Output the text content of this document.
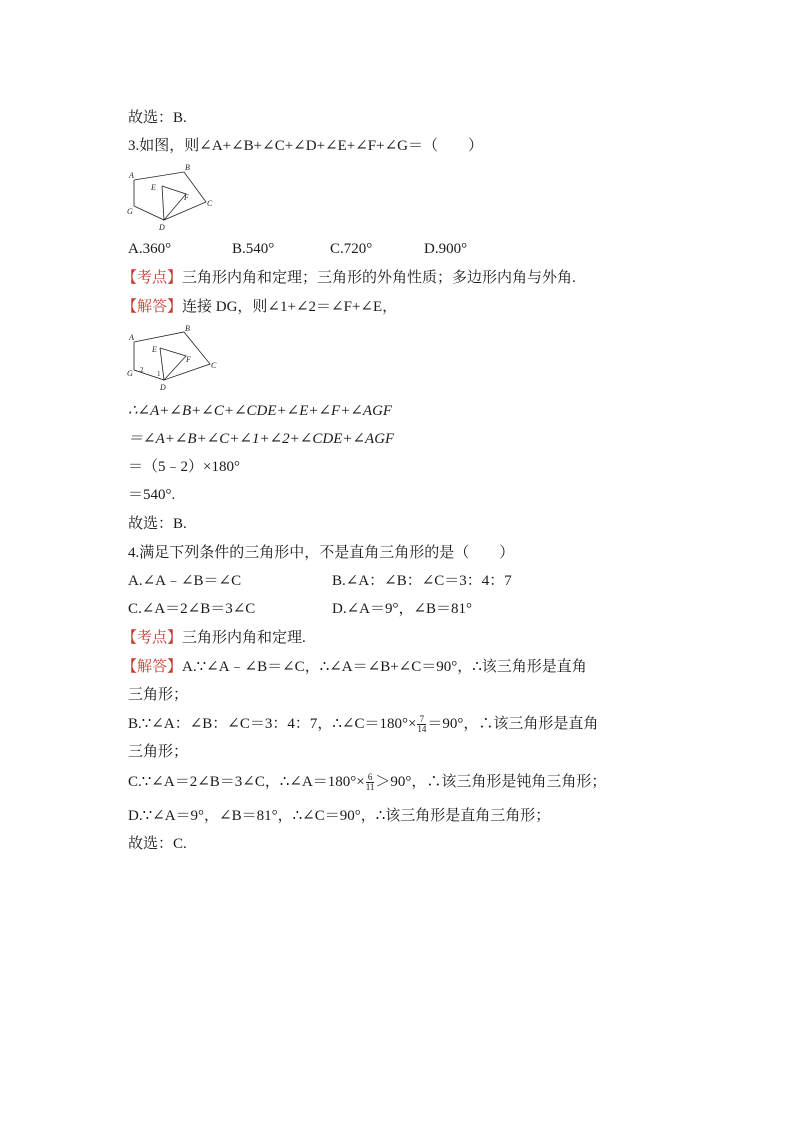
故选：B.
3.如图，则∠A+∠B+∠C+∠D+∠E+∠F+∠G＝（　　）
A
B
C
D
E
F
G
A.360°	B.540°	C.720°	D.900°
【考点】三角形内角和定理；三角形的外角性质；多边形内角与外角.
【解答】连接 DG，则∠1+∠2＝∠F+∠E，
A
B
C
D
E
F
G 2 1
∴∠A+∠B+∠C+∠CDE+∠E+∠F+∠AGF
＝∠A+∠B+∠C+∠1+∠2+∠CDE+∠AGF
＝（5﹣2）×180°
＝540°.
故选：B.
4.满足下列条件的三角形中，不是直角三角形的是（　　）
A.∠A﹣∠B＝∠C	B.∠A：∠B：∠C＝3：4：7
C.∠A＝2∠B＝3∠C	D.∠A＝9°，∠B＝81°
【考点】三角形内角和定理.
【解答】A.∵∠A﹣∠B＝∠C，∴∠A＝∠B+∠C＝90°，∴该三角形是直角
三角形；
B.∵∠A：∠B：∠C＝3：4：7，∴∠C＝180°× $\frac{7}{14} =90^\circ$，∴该三角形是直角
三角形；
C.∵∠A＝2∠B＝3∠C，∴∠A＝180°× $\frac{6}{11} >90^\circ$，∴该三角形是钝角三角形；
D.∵∠A＝9°，∠B＝81°，∴∠C＝90°，∴该三角形是直角三角形；
故选：C.
